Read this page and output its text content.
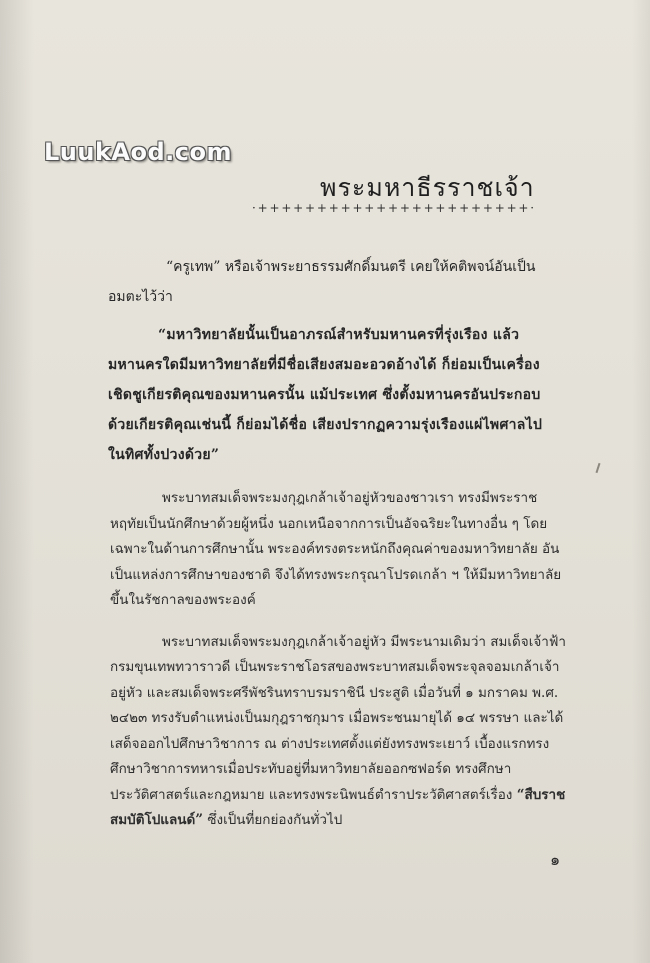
LuukAod.com
พระมหาธีรราชเจ้า
·+++++++++++++++++++++++·

“ครูเทพ” หรือเจ้าพระยาธรรมศักดิ์มนตรี เคยให้คติพจน์อันเป็นอมตะไว้ว่า

“มหาวิทยาลัยนั้นเป็นอาภรณ์สำหรับมหานครที่รุ่งเรือง แล้ว มหานครใดมีมหาวิทยาลัยที่มีชื่อเสียงสมอะอวดอ้างได้ ก็ย่อมเป็นเครื่องเชิดชูเกียรติคุณของมหานครนั้น แม้ประเทศ ซึ่งตั้งมหานครอันประกอบด้วยเกียรติคุณเช่นนี้ ก็ย่อมได้ชื่อ เสียงปรากฏความรุ่งเรืองแผ่ไพศาลไปในทิศทั้งปวงด้วย”

พระบาทสมเด็จพระมงกุฎเกล้าเจ้าอยู่หัวของชาวเรา ทรงมีพระราชหฤทัยเป็นนักศึกษาด้วยผู้หนึ่ง นอกเหนือจากการเป็นอัจฉริยะในทางอื่น ๆ โดยเฉพาะในด้านการศึกษานั้น พระองค์ทรงตระหนักถึงคุณค่าของมหาวิทยาลัย อันเป็นแหล่งการศึกษาของชาติ จึงได้ทรงพระกรุณาโปรดเกล้า ฯ ให้มีมหาวิทยาลัยขึ้นในรัชกาลของพระองค์

พระบาทสมเด็จพระมงกุฎเกล้าเจ้าอยู่หัว มีพระนามเดิมว่า สมเด็จเจ้าฟ้ากรมขุนเทพทวาราวดี เป็นพระราชโอรสของพระบาทสมเด็จพระจุลจอมเกล้าเจ้าอยู่หัว และสมเด็จพระศรีพัชรินทราบรมราชินี ประสูติ เมื่อวันที่ ๑ มกราคม พ.ศ. ๒๔๒๓ ทรงรับตำแหน่งเป็นมกุฎราชกุมาร เมื่อพระชนมายุได้ ๑๔ พรรษา และได้เสด็จออกไปศึกษาวิชาการ ณ ต่างประเทศตั้งแต่ยังทรงพระเยาว์ เบื้องแรกทรงศึกษาวิชาการทหารเมื่อประทับอยู่ที่มหาวิทยาลัยออกซฟอร์ด ทรงศึกษาประวัติศาสตร์และกฎหมาย และทรงพระนิพนธ์ตำราประวัติศาสตร์เรื่อง “สืบราชสมบัติโปแลนด์” ซึ่งเป็นที่ยกย่องกันทั่วไป

๑
